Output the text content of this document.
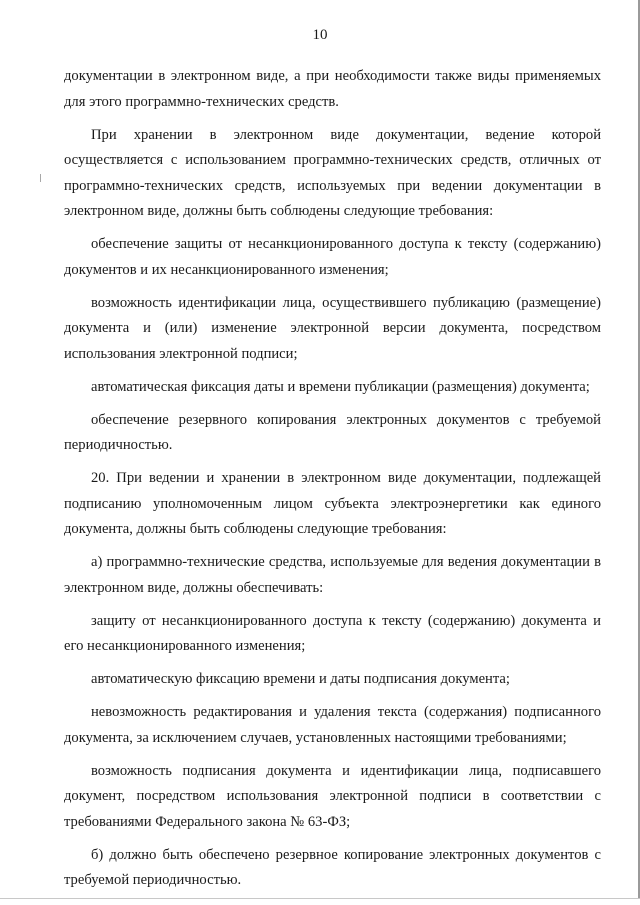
10

документации в электронном виде, а при необходимости также виды применяемых для этого программно-технических средств.

При хранении в электронном виде документации, ведение которой осуществляется с использованием программно-технических средств, отличных от программно-технических средств, используемых при ведении документации в электронном виде, должны быть соблюдены следующие требования:

обеспечение защиты от несанкционированного доступа к тексту (содержанию) документов и их несанкционированного изменения;

возможность идентификации лица, осуществившего публикацию (размещение) документа и (или) изменение электронной версии документа, посредством использования электронной подписи;

автоматическая фиксация даты и времени публикации (размещения) документа;

обеспечение резервного копирования электронных документов с требуемой периодичностью.

20. При ведении и хранении в электронном виде документации, подлежащей подписанию уполномоченным лицом субъекта электроэнергетики как единого документа, должны быть соблюдены следующие требования:

а) программно-технические средства, используемые для ведения документации в электронном виде, должны обеспечивать:

защиту от несанкционированного доступа к тексту (содержанию) документа и его несанкционированного изменения;

автоматическую фиксацию времени и даты подписания документа;

невозможность редактирования и удаления текста (содержания) подписанного документа, за исключением случаев, установленных настоящими требованиями;

возможность подписания документа и идентификации лица, подписавшего документ, посредством использования электронной подписи в соответствии с требованиями Федерального закона № 63-ФЗ;

б) должно быть обеспечено резервное копирование электронных документов с требуемой периодичностью.
